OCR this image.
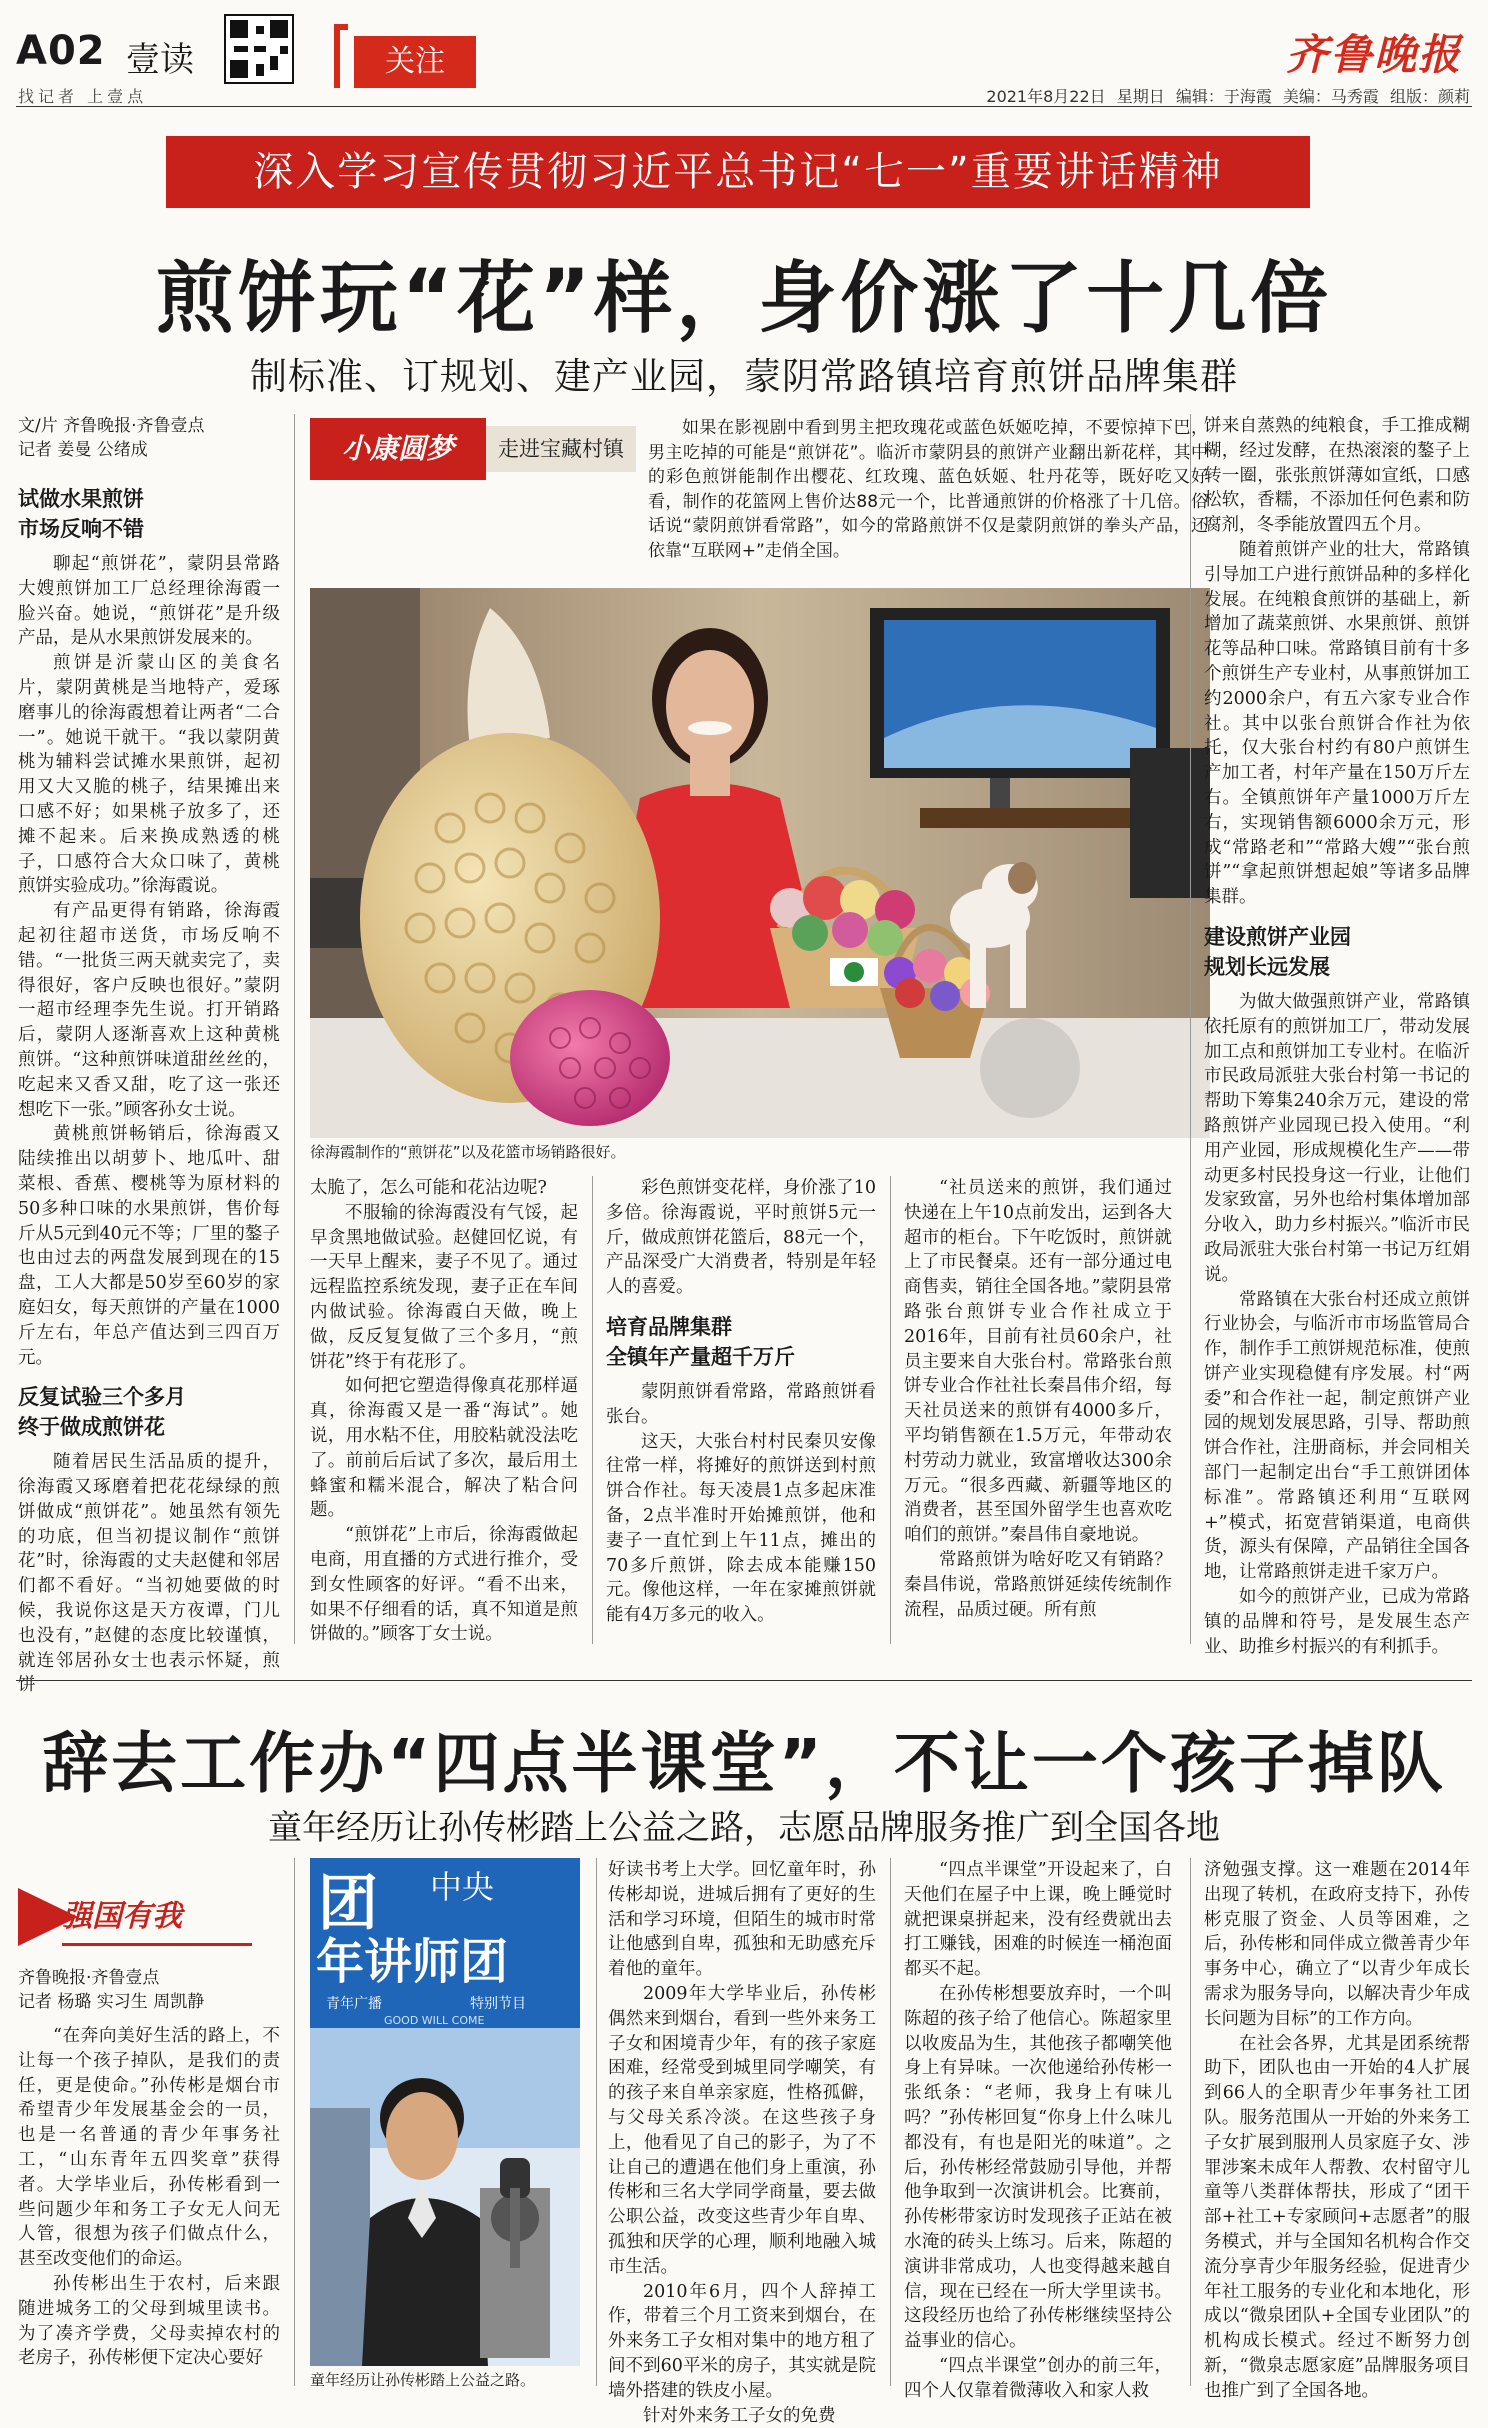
A02 壹读
找记者 上壹点
关注	齐鲁晚报
2021年8月22日 星期日 编辑：于海霞 美编：马秀霞 组版：颜莉
深入学习宣传贯彻习近平总书记“七一”重要讲话精神
煎饼玩“花”样，身价涨了十几倍
制标准、订规划、建产业园，蒙阴常路镇培育煎饼品牌集群
文/片 齐鲁晚报·齐鲁壹点
记者 姜曼 公绪成
试做水果煎饼
市场反响不错

聊起“煎饼花”，蒙阴县常路大嫂煎饼加工厂总经理徐海霞一脸兴奋。她说，“煎饼花”是升级产品，是从水果煎饼发展来的。

煎饼是沂蒙山区的美食名片，蒙阴黄桃是当地特产，爱琢磨事儿的徐海霞想着让两者“二合一”。她说干就干。“我以蒙阴黄桃为辅料尝试摊水果煎饼，起初用又大又脆的桃子，结果摊出来口感不好；如果桃子放多了，还摊不起来。后来换成熟透的桃子，口感符合大众口味了，黄桃煎饼实验成功。”徐海霞说。

有产品更得有销路，徐海霞起初往超市送货，市场反响不错。“一批货三两天就卖完了，卖得很好，客户反映也很好。”蒙阴一超市经理李先生说。打开销路后，蒙阴人逐渐喜欢上这种黄桃煎饼。“这种煎饼味道甜丝丝的，吃起来又香又甜，吃了这一张还想吃下一张。”顾客孙女士说。

黄桃煎饼畅销后，徐海霞又陆续推出以胡萝卜、地瓜叶、甜菜根、香蕉、樱桃等为原材料的50多种口味的水果煎饼，售价每斤从5元到40元不等；厂里的鏊子也由过去的两盘发展到现在的15盘，工人大都是50岁至60岁的家庭妇女，每天煎饼的产量在1000斤左右，年总产值达到三四百万元。

反复试验三个多月
终于做成煎饼花

随着居民生活品质的提升，徐海霞又琢磨着把花花绿绿的煎饼做成“煎饼花”。她虽然有领先的功底，但当初提议制作“煎饼花”时，徐海霞的丈夫赵健和邻居们都不看好。“当初她要做的时候，我说你这是天方夜谭，门儿也没有，”赵健的态度比较谨慎，就连邻居孙女士也表示怀疑，煎饼

小康圆梦	走进宝藏村镇

如果在影视剧中看到男主把玫瑰花或蓝色妖姬吃掉，不要惊掉下巴，男主吃掉的可能是“煎饼花”。临沂市蒙阴县的煎饼产业翻出新花样，其中的彩色煎饼能制作出樱花、红玫瑰、蓝色妖姬、牡丹花等，既好吃又好看，制作的花篮网上售价达88元一个，比普通煎饼的价格涨了十几倍。俗话说“蒙阴煎饼看常路”，如今的常路煎饼不仅是蒙阴煎饼的拳头产品，还依靠“互联网+”走俏全国。

徐海霞制作的“煎饼花”以及花篮市场销路很好。

太脆了，怎么可能和花沾边呢?

不服输的徐海霞没有气馁，起早贪黑地做试验。赵健回忆说，有一天早上醒来，妻子不见了。通过远程监控系统发现，妻子正在车间内做试验。徐海霞白天做，晚上做，反反复复做了三个多月，“煎饼花”终于有花形了。

如何把它塑造得像真花那样逼真，徐海霞又是一番“海试”。她说，用水粘不住，用胶粘就没法吃了。前前后后试了多次，最后用土蜂蜜和糯米混合，解决了粘合问题。

“煎饼花”上市后，徐海霞做起电商，用直播的方式进行推介，受到女性顾客的好评。“看不出来，如果不仔细看的话，真不知道是煎饼做的。”顾客丁女士说。

彩色煎饼变花样，身价涨了10多倍。徐海霞说，平时煎饼5元一斤，做成煎饼花篮后，88元一个，产品深受广大消费者，特别是年轻人的喜爱。

培育品牌集群
全镇年产量超千万斤

蒙阴煎饼看常路，常路煎饼看张台。

这天，大张台村村民秦贝安像往常一样，将摊好的煎饼送到村煎饼合作社。每天凌晨1点多起床准备，2点半准时开始摊煎饼，他和妻子一直忙到上午11点，摊出的70多斤煎饼，除去成本能赚150元。像他这样，一年在家摊煎饼就能有4万多元的收入。

“社员送来的煎饼，我们通过快递在上午10点前发出，运到各大超市的柜台。下午吃饭时，煎饼就上了市民餐桌。还有一部分通过电商售卖，销往全国各地。”蒙阴县常路张台煎饼专业合作社成立于2016年，目前有社员60余户，社员主要来自大张台村。常路张台煎饼专业合作社社长秦昌伟介绍，每天社员送来的煎饼有4000多斤，平均销售额在1.5万元，年带动农村劳动力就业，致富增收达300余万元。“很多西藏、新疆等地区的消费者，甚至国外留学生也喜欢吃咱们的煎饼。”秦昌伟自豪地说。

常路煎饼为啥好吃又有销路？秦昌伟说，常路煎饼延续传统制作流程，品质过硬。所有煎

饼来自蒸熟的纯粮食，手工推成糊糊，经过发酵，在热滚滚的鏊子上转一圈，张张煎饼薄如宣纸，口感松软，香糯，不添加任何色素和防腐剂，冬季能放置四五个月。

随着煎饼产业的壮大，常路镇引导加工户进行煎饼品种的多样化发展。在纯粮食煎饼的基础上，新增加了蔬菜煎饼、水果煎饼、煎饼花等品种口味。常路镇目前有十多个煎饼生产专业村，从事煎饼加工约2000余户，有五六家专业合作社。其中以张台煎饼合作社为依托，仅大张台村约有80户煎饼生产加工者，村年产量在150万斤左右。全镇煎饼年产量1000万斤左右，实现销售额6000余万元，形成“常路老和”“常路大嫂”“张台煎饼”“拿起煎饼想起娘”等诸多品牌集群。

建设煎饼产业园
规划长远发展

为做大做强煎饼产业，常路镇依托原有的煎饼加工厂，带动发展加工点和煎饼加工专业村。在临沂市民政局派驻大张台村第一书记的帮助下筹集240余万元，建设的常路煎饼产业园现已投入使用。“利用产业园，形成规模化生产——带动更多村民投身这一行业，让他们发家致富，另外也给村集体增加部分收入，助力乡村振兴。”临沂市民政局派驻大张台村第一书记万红娟说。

常路镇在大张台村还成立煎饼行业协会，与临沂市市场监管局合作，制作手工煎饼规范标准，使煎饼产业实现稳健有序发展。村“两委”和合作社一起，制定煎饼产业园的规划发展思路，引导、帮助煎饼合作社，注册商标，并会同相关部门一起制定出台“手工煎饼团体标准”。常路镇还利用“互联网+”模式，拓宽营销渠道，电商供货，源头有保障，产品销往全国各地，让常路煎饼走进千家万户。

如今的煎饼产业，已成为常路镇的品牌和符号，是发展生态产业、助推乡村振兴的有利抓手。

辞去工作办“四点半课堂”，不让一个孩子掉队
童年经历让孙传彬踏上公益之路，志愿品牌服务推广到全国各地
强国有我
齐鲁晚报·齐鲁壹点
记者 杨璐 实习生 周凯静

“在奔向美好生活的路上，不让每一个孩子掉队，是我们的责任，更是使命。”孙传彬是烟台市希望青少年发展基金会的一员，也是一名普通的青少年事务社工，“山东青年五四奖章”获得者。大学毕业后，孙传彬看到一些问题少年和务工子女无人问无人管，很想为孩子们做点什么，甚至改变他们的命运。

孙传彬出生于农村，后来跟随进城务工的父母到城里读书。为了凑齐学费，父母卖掉农村的老房子，孙传彬便下定决心要好

团 中央
年讲师团
青年广播	特别节目
GOOD WILL COME
童年经历让孙传彬踏上公益之路。

好读书考上大学。回忆童年时，孙传彬却说，进城后拥有了更好的生活和学习环境，但陌生的城市时常让他感到自卑，孤独和无助感充斥着他的童年。

2009年大学毕业后，孙传彬偶然来到烟台，看到一些外来务工子女和困境青少年，有的孩子家庭困难，经常受到城里同学嘲笑，有的孩子来自单亲家庭，性格孤僻，与父母关系冷淡。在这些孩子身上，他看见了自己的影子，为了不让自己的遭遇在他们身上重演，孙传彬和三名大学同学商量，要去做公职公益，改变这些青少年自卑、孤独和厌学的心理，顺利地融入城市生活。

2010年6月，四个人辞掉工作，带着三个月工资来到烟台，在外来务工子女相对集中的地方租了间不到60平米的房子，其实就是院墙外搭建的铁皮小屋。

针对外来务工子女的免费

“四点半课堂”开设起来了，白天他们在屋子中上课，晚上睡觉时就把课桌拼起来，没有经费就出去打工赚钱，困难的时候连一桶泡面都买不起。

在孙传彬想要放弃时，一个叫陈超的孩子给了他信心。陈超家里以收废品为生，其他孩子都嘲笑他身上有异味。一次他递给孙传彬一张纸条：“老师，我身上有味儿吗？”孙传彬回复“你身上什么味儿都没有，有也是阳光的味道”。之后，孙传彬经常鼓励引导他，并帮他争取到一次演讲机会。比赛前，孙传彬带家访时发现孩子正站在被水淹的砖头上练习。后来，陈超的演讲非常成功，人也变得越来越自信，现在已经在一所大学里读书。这段经历也给了孙传彬继续坚持公益事业的信心。

“四点半课堂”创办的前三年，四个人仅靠着微薄收入和家人救

济勉强支撑。这一难题在2014年出现了转机，在政府支持下，孙传彬克服了资金、人员等困难，之后，孙传彬和同伴成立微善青少年事务中心，确立了“以青少年成长需求为服务导向，以解决青少年成长问题为目标”的工作方向。

在社会各界，尤其是团系统帮助下，团队也由一开始的4人扩展到66人的全职青少年事务社工团队。服务范围从一开始的外来务工子女扩展到服刑人员家庭子女、涉罪涉案未成年人帮教、农村留守儿童等八类群体帮扶，形成了“团干部+社工+专家顾问+志愿者”的服务模式，并与全国知名机构合作交流分享青少年服务经验，促进青少年社工服务的专业化和本地化，形成以“微泉团队+全国专业团队”的机构成长模式。经过不断努力创新，“微泉志愿家庭”品牌服务项目也推广到了全国各地。
